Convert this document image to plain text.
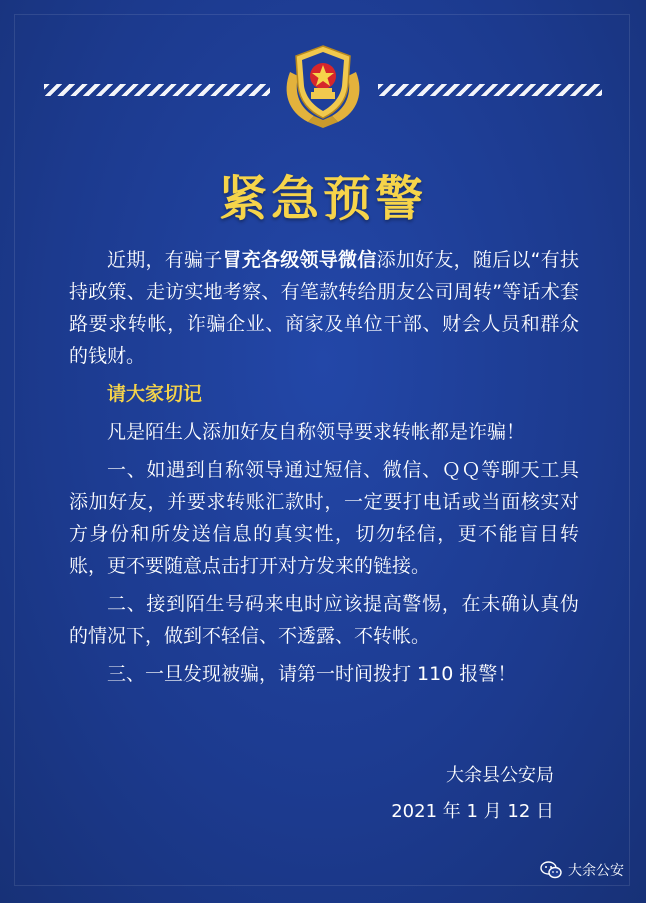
紧急预警

近期，有骗子冒充各级领导微信添加好友，随后以“有扶持政策、走访实地考察、有笔款转给朋友公司周转”等话术套路要求转帐，诈骗企业、商家及单位干部、财会人员和群众的钱财。

请大家切记

凡是陌生人添加好友自称领导要求转帐都是诈骗！

一、如遇到自称领导通过短信、微信、ＱＱ等聊天工具添加好友，并要求转账汇款时，一定要打电话或当面核实对方身份和所发送信息的真实性，切勿轻信，更不能盲目转账，更不要随意点击打开对方发来的链接。

二、接到陌生号码来电时应该提高警惕，在未确认真伪的情况下，做到不轻信、不透露、不转帐。

三、一旦发现被骗，请第一时间拨打 110 报警！

大余县公安局
2021 年 1 月 12 日
大余公安
